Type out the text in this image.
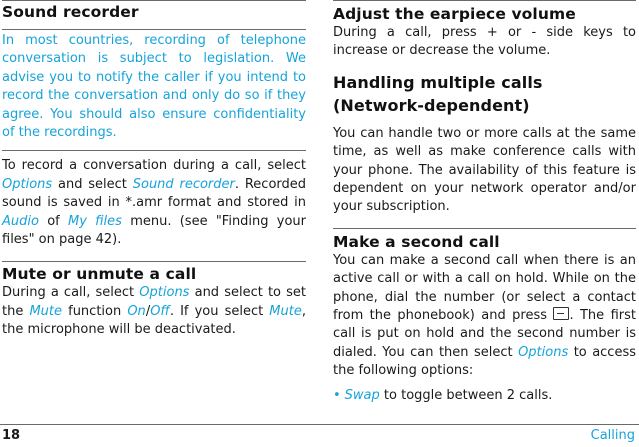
Sound recorder

In most countries, recording of telephone conversation is subject to legislation. We advise you to notify the caller if you intend to record the conversation and only do so if they agree. You should also ensure confidentiality of the recordings.

To record a conversation during a call, select Options and select Sound recorder. Recorded sound is saved in *.amr format and stored in Audio of My files menu. (see "Finding your files" on page 42).

Mute or unmute a call

During a call, select Options and select to set the Mute function On/Off. If you select Mute, the microphone will be deactivated.

Adjust the earpiece volume

During a call, press + or - side keys to increase or decrease the volume.

Handling multiple calls (Network-dependent)

You can handle two or more calls at the same time, as well as make conference calls with your phone. The availability of this feature is dependent on your network operator and/or your subscription.

Make a second call

You can make a second call when there is an active call or with a call on hold. While on the phone, dial the number (or select a contact from the phonebook) and press . The first call is put on hold and the second number is dialed. You can then select Options to access the following options:

• Swap to toggle between 2 calls.

18	Calling
